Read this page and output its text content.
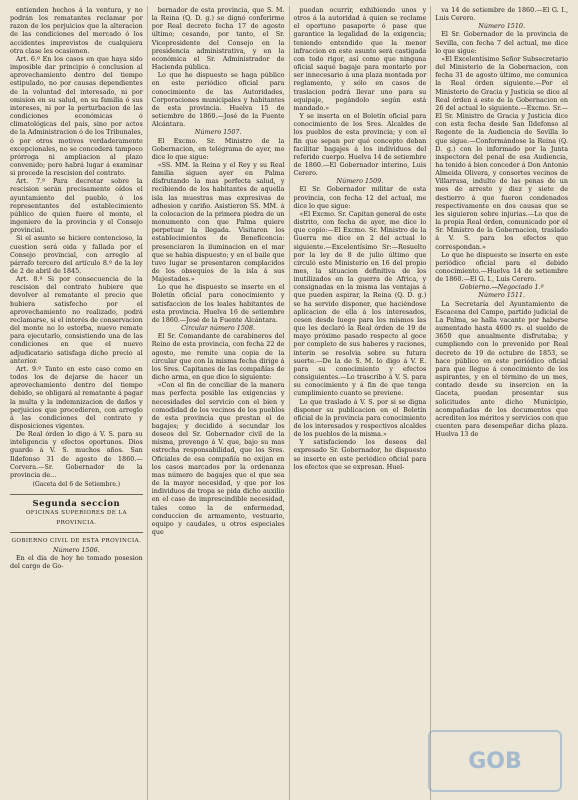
entienden hechos á la ventura, y no podrán los rematantes reclamar por razon de los perjuicios que la alteracion de las condiciones del mercado ó los accidentes imprevistos de cualquiera otra clase les ocasionen.

Art. 6.º En los casos en que haya sido imposible dar principio ó conclusion al aprovechamiento dentro del tiempo estipulado, no por causas dependientes de la voluntad del interesado, ni por omision en su salud, en su familia ó sus intereses, ni por la perturbacion de las condiciones económicas ó climatológicas del país, sino por actos de la Administracion ó de los Tribunales, ó por otros motivos verdaderamente excepcionales, no se concederá tampoco prórroga ni ampliacion al plazo convenido; pero habrá lugar á examinar si procede la rescision del contrato.

Art. 7.º Para decretar sobre la rescision serán precisamente oídos el ayuntamiento del pueblo, ó los representantes del establecimiento público de quien fuere el monte, el ingeniero de la provincia y el Consejo provincial.

Si el asunto se hiciere contencioso, la cuestion será oida y fallada por el Consejo provincial, con arreglo al párrafo tercero del artículo 8.º de la ley de 2 de abril de 1845.

Art. 8.º Si por consecuencia de la rescision del contrato hubiere que devolver al rematante el precio que hubiera satisfecho por el aprovechamiento no realizado, podrá reclamarse, si el interés de conservacion del monte no lo estorba, nuevo remate para ejecutarlo, consistiendo una de las condiciones en que el nuevo adjudicatario satisfaga dicho precio al anterior.

Art. 9.º Tanto en este caso como en todos los de dejarse de hacer un aprovechamiento dentro del tiempo debido, se obligará al rematante á pagar la multa y la indemnizacion de daños y perjuicios que procedieren, con arreglo á las condiciones del contrato y disposiciones vigentes.

De Real órden lo digo á V. S. para su inteligencia y efectos oportunos. Dios guarde á V. S. muchos años. San Ildefonso 31 de agosto de 1860.—Corvera.—Sr. Gobernador de la provincia de...

(Gaceta del 6 de Setiembre.)
Segunda seccion
OFICINAS SUPERIORES DE LA
PROVINCIA.
GOBIERNO CIVIL DE ESTA PROVINCIA.

Número 1506.

En el dia de hoy he tomado posesion del cargo de Go-

bernador de esta provincia, que S. M. la Reina (Q. D. g.) se dignó conferirme por Real decreto fecha 17 de agosto último; cesando, por tanto, el Sr. Vicepresidente del Consejo en la presidencia administrativa, y en la económica el Sr. Administrador de Hacienda pública.

Lo que he dispuesto se haga público en este periódico oficial para conocimiento de las Autoridades, Corporaciones municipales y habitantes de esta provincia. Huelva 15 de setiembre de 1860.—José de la Fuente Alcántara.

Número 1507.

El Excmo. Sr. Ministro de la Gobernacion, en telégrama de ayer, me dice lo que sigue:

«SS. MM. la Reina y el Rey y su Real familia siguen ayer en Palma disfrutando la mas perfecta salud, y recibiendo de los habitantes de aquella isla las muestras mas expresivas de adhesion y cariño. Asistieron SS. MM. á la colocacion de la primera piedra de un monumento con que Palma quiere perpetuar la llegada. Visitaron los establecimientos de Beneficencia: presenciaron la iluminacion en el mar que se habia dispuesto; y en el baile que tuvo lugar se presentaron complacidos de los obsequios de la isla á sus Majestades.»

Lo que he dispuesto se inserte en el Boletín oficial para conocimiento y satisfaccion de los leales habitantes de esta provincia. Huelva 16 de setiembre de 1860.—José de la Fuente Alcántara.

Circular número 1508.

El Sr. Comandante de carabineros del Reino de esta provincia, con fecha 22 de agosto, me remite una copia de la circular que con la misma fecha dirige á los Sres. Capitanes de las compañías de dicho arma, en que dice lo siguiente:

«Con el fin de conciliar de la manera mas perfecta posible las exigencias y necesidades del servicio con el bien y comodidad de los vecinos de los pueblos de esta provincia que prestan el de bagajes; y decidido á secundar los deseos del Sr. Gobernador civil de la misma, prevengo á V. que, bajo su mas estrecha responsabilidad, que los Sres. Oficiales de esa compañía no exijan en los casos marcados por la ordenanza mas número de bagajes que el que sea de la mayor necesidad, y que por los individuos de tropa se pida dicho auxilio en el caso de imprescindible necesidad, tales como la de enfermedad, conduccion de armamento, vestuario, equipo y caudales, u otros especiales que

puedan ocurrir, exhibiendo unos y otros á la autoridad á quien se reclame el oportuno pasaporte ó pase que garantice la legalidad de la exigencia; teniendo entendido que la menor infraccion en este asunto será castigada con todo rigor, así como que ninguna oficial saqué bagaje para montarlo por ser innecesario á una plaza montada por reglamento, y sólo en casos de traslacion podrá llevar uno para su equipaje, pegándolo según está mandado.»

Y se inserta en el Boletín oficial para conocimiento de los Sres. Alcaldes de los pueblos de esta provincia; y con el fin que sepan por qué concepto deban facilitar bagajes á los individuos del referido cuerpo. Huelva 14 de setiembre de 1860.—El Gobernador interino, Luis Cerero.

Número 1509.

El Sr. Gobernador militar de esta provincia, con fecha 12 del actual, me dice lo que sigue:

«El Excmo. Sr. Capitan general de este distrito, con fecha de ayer, me dice lo que copio:—El Excmo. Sr. Ministro de la Guerra me dice en 2 del actual lo siguiente.—Excelentísimo Sr:—Resuelto por la ley de 8 de julio último que circuló este Ministerio en 16 del propio mes, la situacion definitiva de los inutilizados en la guerra de Africa, y consignadas en la misma las ventajas á que pueden aspirar, la Reina (Q. D. g.) se ha servido disponer, que haciéndose aplicacion de ella á los interesados, cesen desde luego para los mismos las que les declaró la Real órden de 19 de mayo próximo pasado respecto al goce por completo de sus haberes y raciones, interin se resolvia sobre su futura suerte.—De la de S. M. lo digo á V. E. para su conocimiento y efectos consiguientes.—Lo trascribo á V. S. para su conocimiento y á fin de que tenga cumplimiento cuanto se previene.

Lo que traslado á V. S. por si se digna disponer su publicacion en el Boletín oficial de la provincia para conocimiento de los interesados y respectivos alcaldes de los pueblos de la misma.»

Y satisfaciendo los deseos del expresado Sr. Gobernador, he dispuesto se inserte en este periódico oficial para los efectos que se expresan. Huel-

va 14 de setiembre de 1860.—El G. I., Luis Cerero.

Número 1510.

El Sr. Gobernador de la provincia de Sevilla, con fecha 7 del actual, me dice lo que sigue:

«El Excelentísimo Señor Subsecretario del Ministerio de la Gobernacion, con fecha 31 de agosto último, me comunica la Real órden siguiente.—Por el Ministerio de Gracia y Justicia se dice al Real órden á este de la Gobernacion en 26 del actual lo siguiente.—Excmo. Sr.—El Sr. Ministro de Gracia y Justicia dice con esta fecha desde San Ildefonso al Regente de la Audiencia de Sevilla lo que sigue.—Conformándose la Reina (Q. D. g.) con lo informado por la Junta inspectora del penal de esa Audiencia, ha tenido á bien conceder á Don Antonio Almeida Olivera, y consortes vecinos de Villarrasa, indulto de las penas de un mes de arresto y diez y siete de destierro á que fueron condenados respectivamente en dos causas que se les siguieron sobre injurias.—Lo que de la propia Real órden, comunicado por el Sr. Ministro de la Gobernacion, traslado á V. S. para los efectos que correspondan.»

Lo que he dispuesto se inserte en este periódico oficial para el debido conocimiento.—Huelva 14 de setiembre de 1860.—El G. I., Luis Cerero.

Gobierno.—Negociado 1.º

Número 1511.

La Secretaría del Ayuntamiento de Escacena del Campo, partido judicial de La Palma, se halla vacante por haberse aumentado hasta 4600 rs. el sueldo de 3650 que anualmente disfrutaba; y cumpliendo con lo prevenido por Real decreto de 19 de octubre de 1853, se hace público en este periódico oficial para que llegue á conocimiento de los aspirantes, y en el término de un mes, contado desde su insercion en la Gaceta, puedan presentar sus solicitudes ante dicho Municipio, acompañadas de los documentos que acrediten los méritos y servicios con que cuenten para desempeñar dicha plaza. Huelva 13 de

GOB
